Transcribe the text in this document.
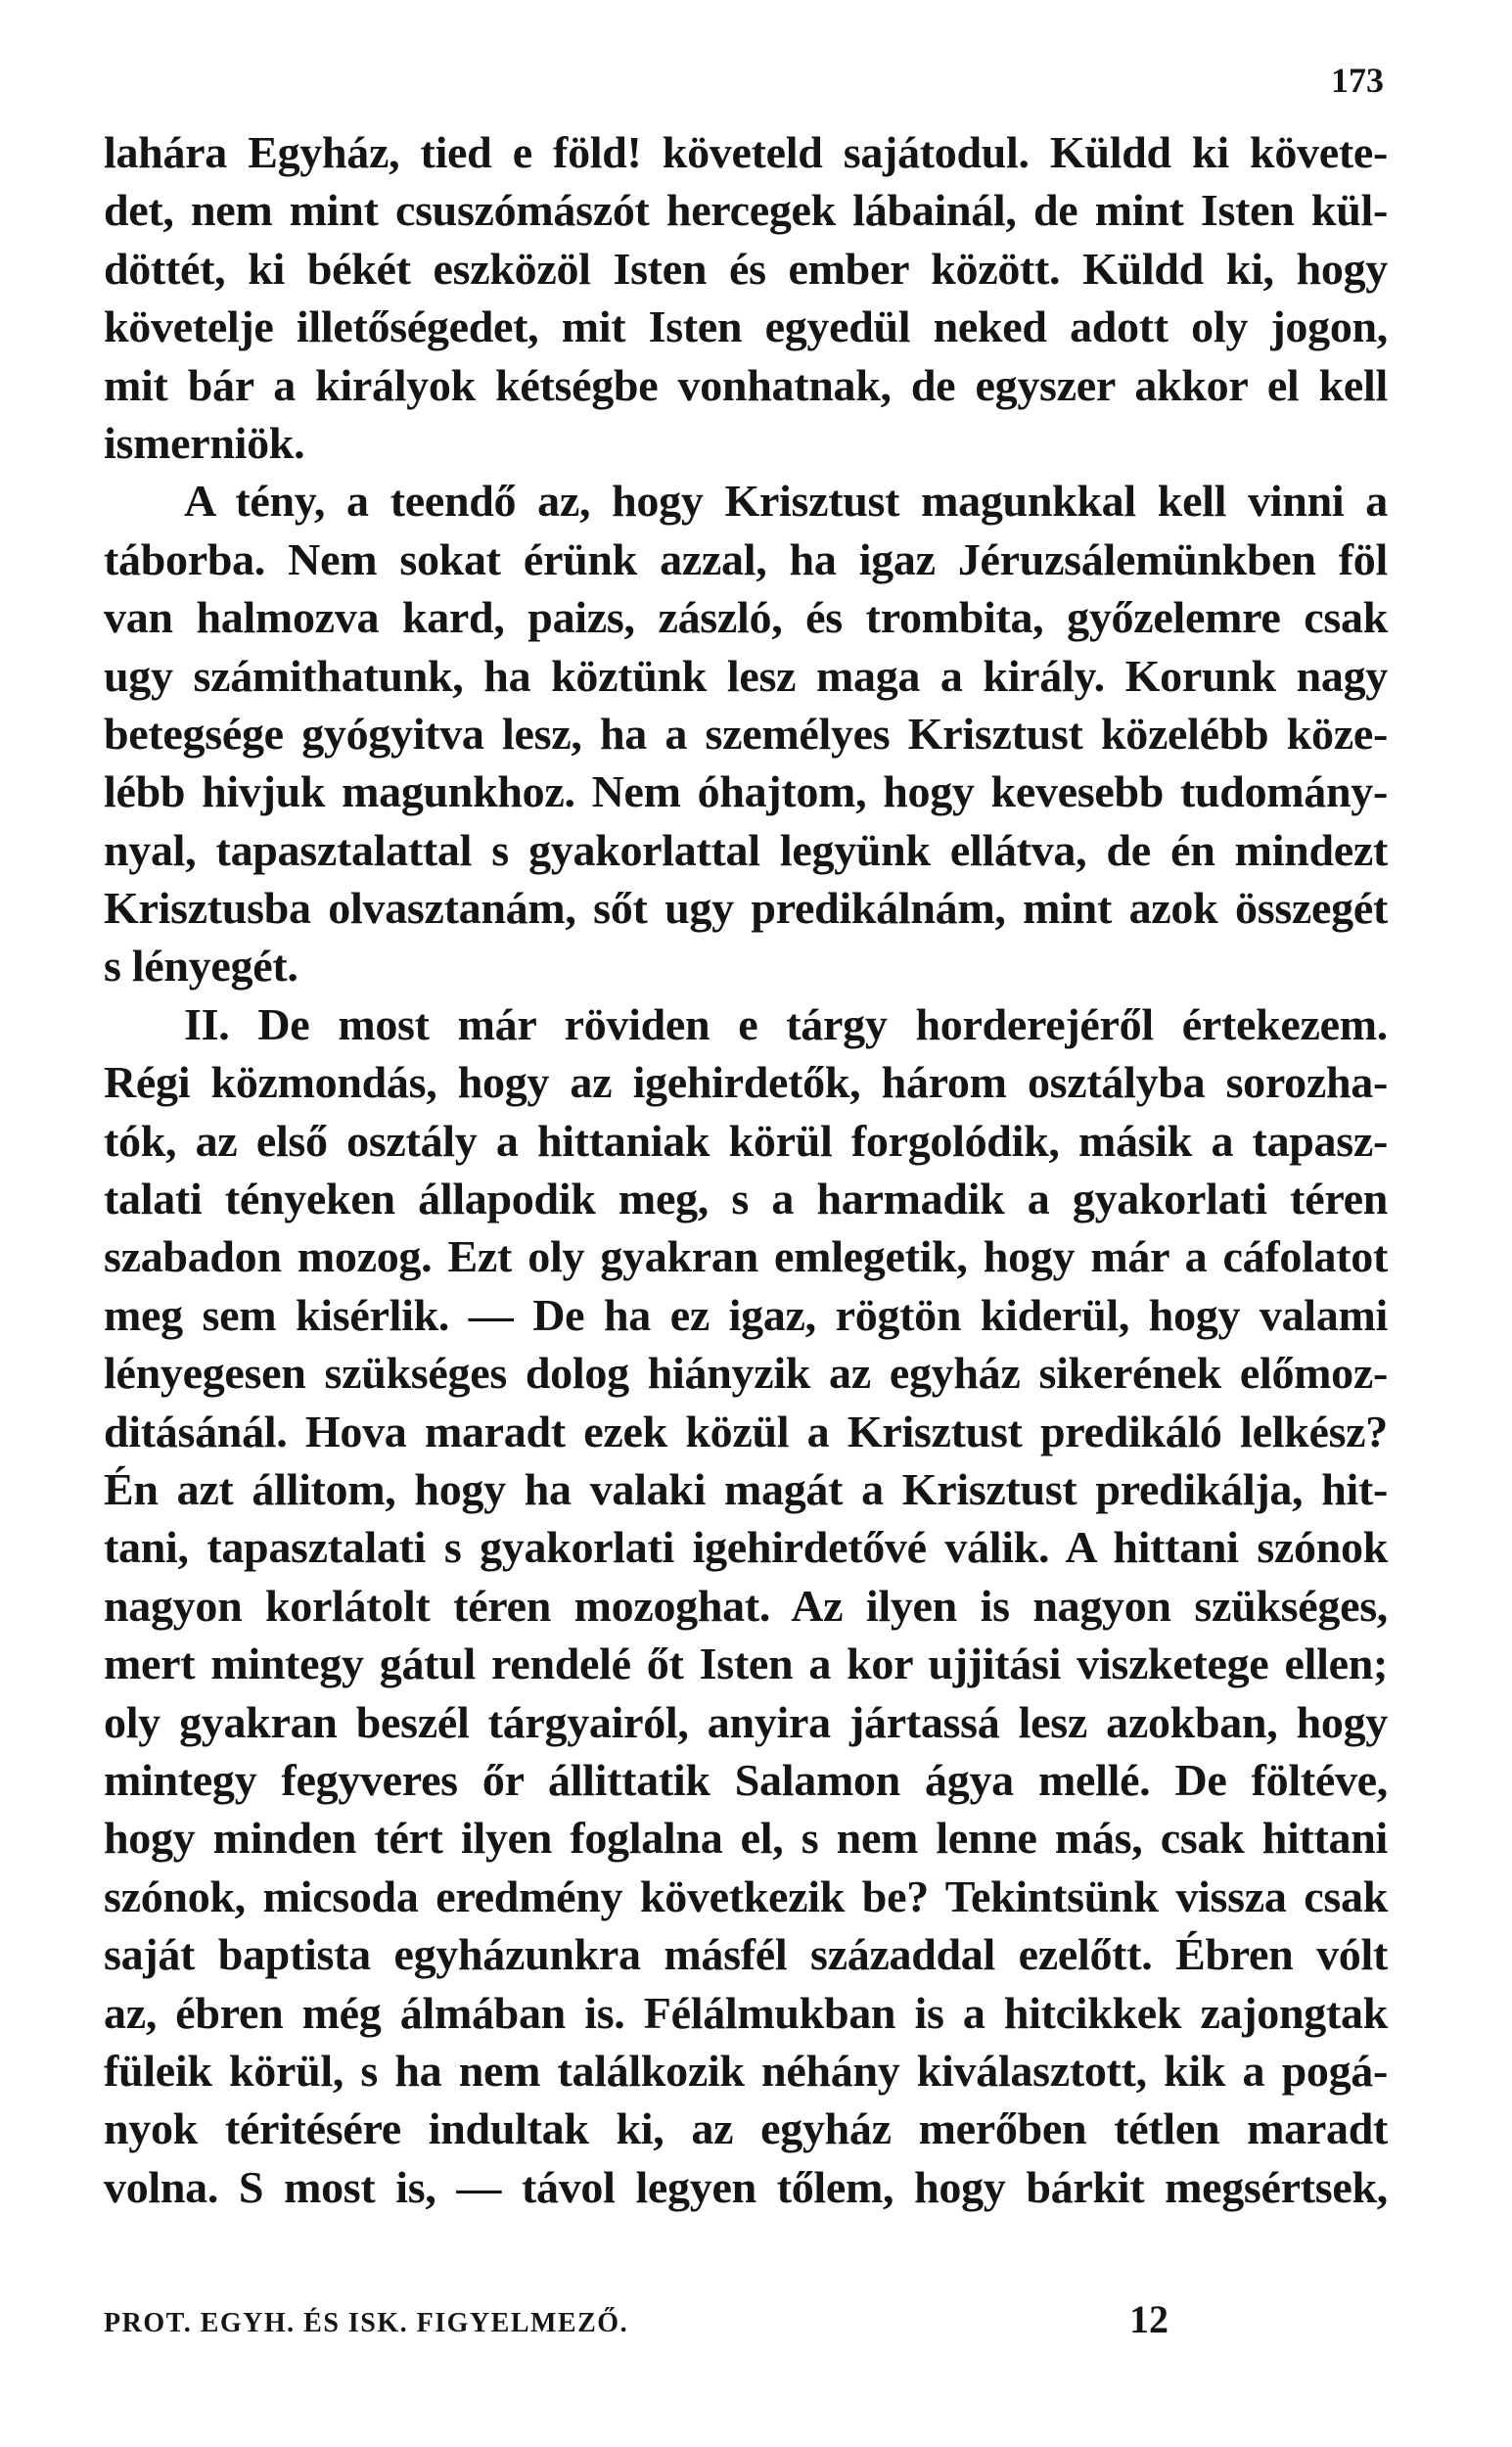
173
lahára Egyház, tied e föld! követeld sajátodul. Küldd ki követe-
det, nem mint csuszómászót hercegek lábainál, de mint Isten kül-
döttét, ki békét eszközöl Isten és ember között. Küldd ki, hogy
követelje illetőségedet, mit Isten egyedül neked adott oly jogon,
mit bár a királyok kétségbe vonhatnak, de egyszer akkor el kell
ismerniök.
A tény, a teendő az, hogy Krisztust magunkkal kell vinni a
táborba. Nem sokat érünk azzal, ha igaz Jéruzsálemünkben föl
van halmozva kard, paizs, zászló, és trombita, győzelemre csak
ugy számithatunk, ha köztünk lesz maga a király. Korunk nagy
betegsége gyógyitva lesz, ha a személyes Krisztust közelébb köze-
lébb hivjuk magunkhoz. Nem óhajtom, hogy kevesebb tudomány-
nyal, tapasztalattal s gyakorlattal legyünk ellátva, de én mindezt
Krisztusba olvasztanám, sőt ugy predikálnám, mint azok összegét
s lényegét.
II. De most már röviden e tárgy horderejéről értekezem.
Régi közmondás, hogy az igehirdetők, három osztályba sorozha-
tók, az első osztály a hittaniak körül forgolódik, másik a tapasz-
talati tényeken állapodik meg, s a harmadik a gyakorlati téren
szabadon mozog. Ezt oly gyakran emlegetik, hogy már a cáfolatot
meg sem kisérlik. — De ha ez igaz, rögtön kiderül, hogy valami
lényegesen szükséges dolog hiányzik az egyház sikerének előmoz-
ditásánál. Hova maradt ezek közül a Krisztust predikáló lelkész?
Én azt állitom, hogy ha valaki magát a Krisztust predikálja, hit-
tani, tapasztalati s gyakorlati igehirdetővé válik. A hittani szónok
nagyon korlátolt téren mozoghat. Az ilyen is nagyon szükséges,
mert mintegy gátul rendelé őt Isten a kor ujjitási viszketege ellen;
oly gyakran beszél tárgyairól, anyira jártassá lesz azokban, hogy
mintegy fegyveres őr állittatik Salamon ágya mellé. De föltéve,
hogy minden tért ilyen foglalna el, s nem lenne más, csak hittani
szónok, micsoda eredmény következik be? Tekintsünk vissza csak
saját baptista egyházunkra másfél századdal ezelőtt. Ébren vólt
az, ébren még álmában is. Félálmukban is a hitcikkek zajongtak
füleik körül, s ha nem találkozik néhány kiválasztott, kik a pogá-
nyok téritésére indultak ki, az egyház merőben tétlen maradt
volna. S most is, — távol legyen tőlem, hogy bárkit megsértsek,
PROT. EGYH. ÉS ISK. FIGYELMEZŐ.	12
